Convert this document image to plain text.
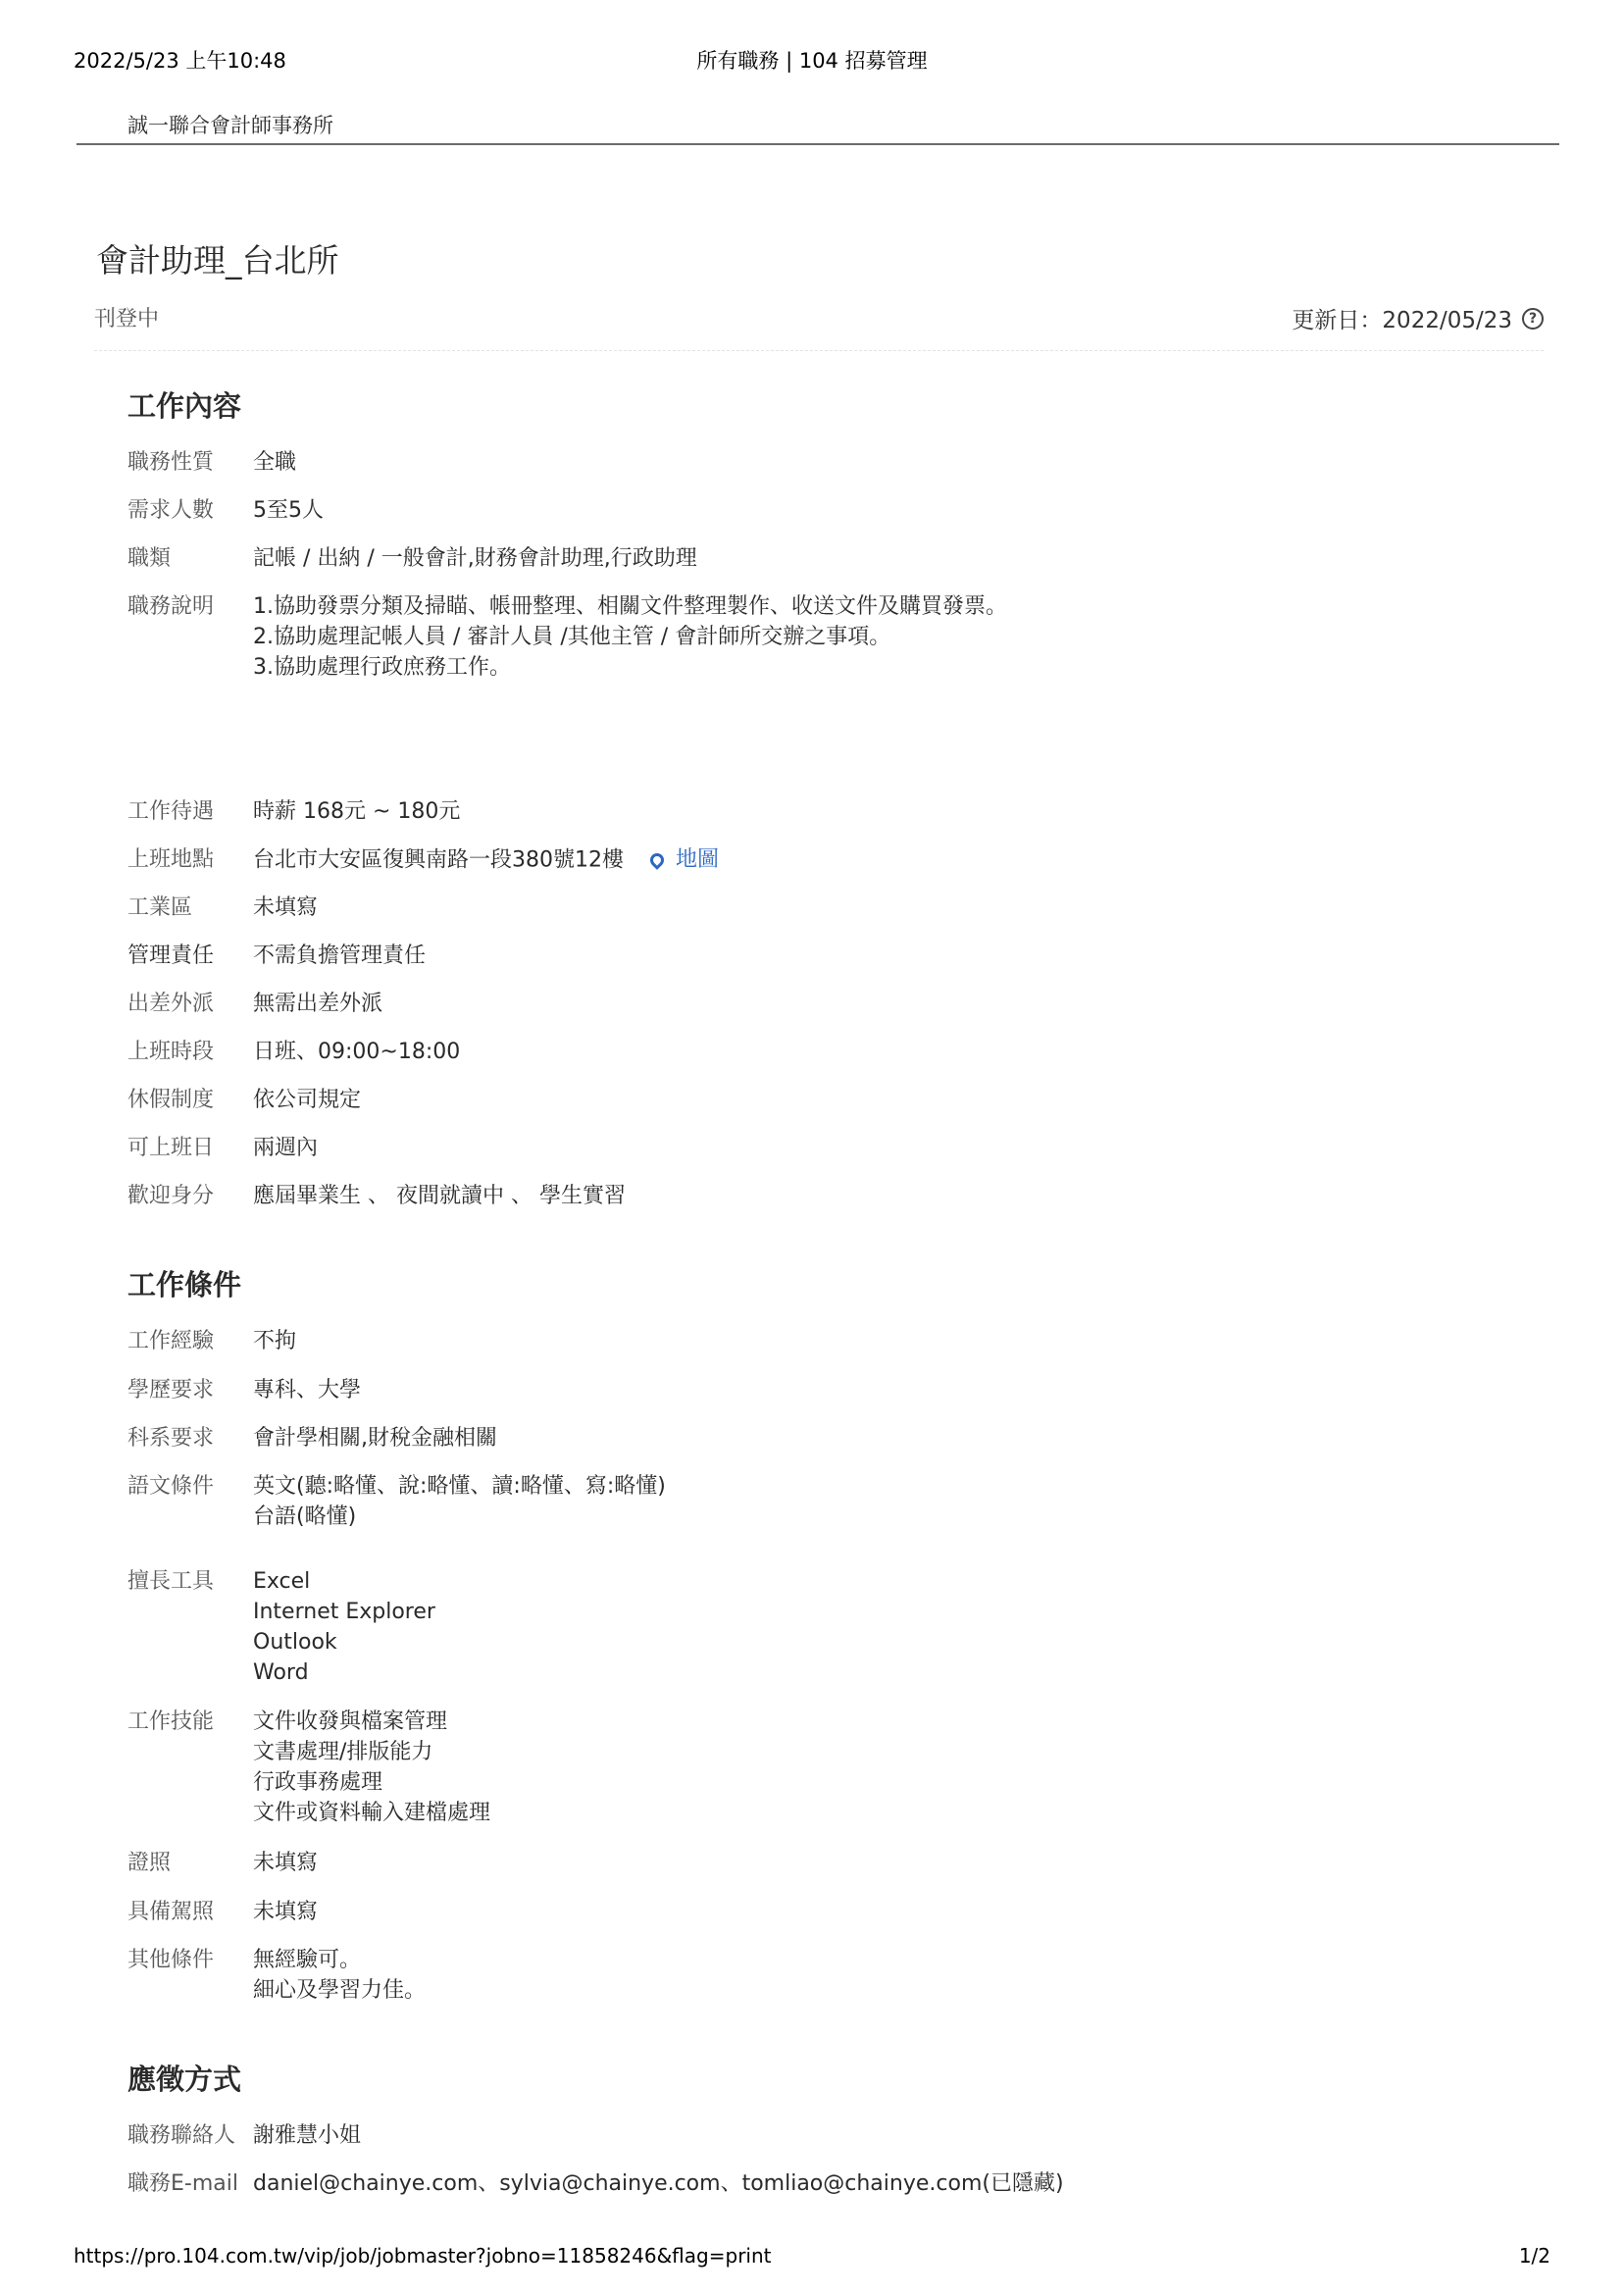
2022/5/23 上午10:48	所有職務 | 104 招募管理
誠一聯合會計師事務所
會計助理_台北所
刊登中	更新日：2022/05/23	?
工作內容
職務性質	全職
需求人數	5至5人
職類	記帳 / 出納 / 一般會計,財務會計助理,行政助理
職務說明	1.協助發票分類及掃瞄、帳冊整理、相關文件整理製作、收送文件及購買發票。
2.協助處理記帳人員 / 審計人員 /其他主管 / 會計師所交辦之事項。
3.協助處理行政庶務工作。
工作待遇	時薪 168元 ~ 180元
上班地點	台北市大安區復興南路一段380號12樓 地圖
工業區	未填寫
管理責任	不需負擔管理責任
出差外派	無需出差外派
上班時段	日班、09:00~18:00
休假制度	依公司規定
可上班日	兩週內
歡迎身分	應屆畢業生 、 夜間就讀中 、 學生實習
工作條件
工作經驗	不拘
學歷要求	專科、大學
科系要求	會計學相關,財稅金融相關
語文條件	英文(聽:略懂、說:略懂、讀:略懂、寫:略懂)
台語(略懂)
擅長工具	Excel
Internet Explorer
Outlook
Word
工作技能	文件收發與檔案管理
文書處理/排版能力
行政事務處理
文件或資料輸入建檔處理
證照	未填寫
具備駕照	未填寫
其他條件	無經驗可。
細心及學習力佳。
應徵方式
職務聯絡人 謝雅慧小姐
職務E-mail daniel@chainye.com、sylvia@chainye.com、tomliao@chainye.com(已隱藏)
https://pro.104.com.tw/vip/job/jobmaster?jobno=11858246&flag=print	1/2
